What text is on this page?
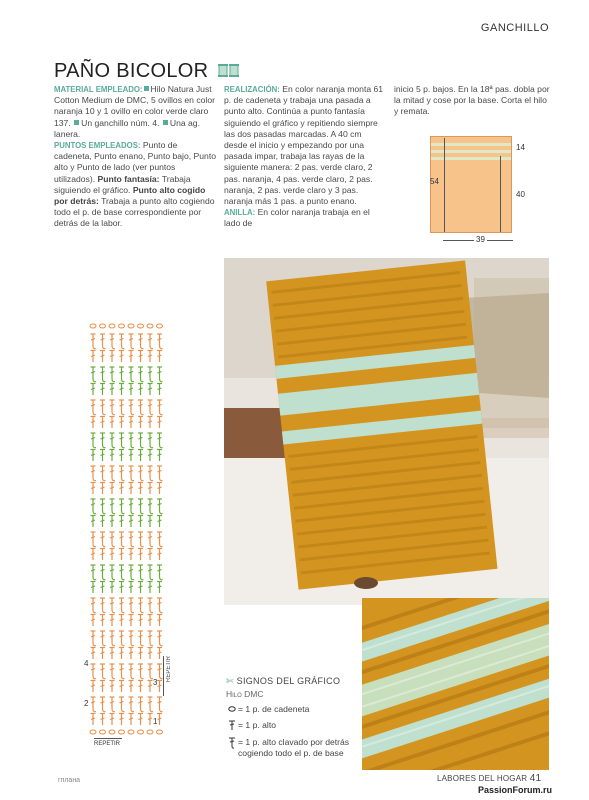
GANCHILLO
PAÑO BICOLOR
MATERIAL EMPLEADO: Hilo Natura Just Cotton Medium de DMC, 5 ovillos en color naranja 10 y 1 ovillo en color verde claro 137. Un ganchillo núm. 4. Una ag. lanera.
PUNTOS EMPLEADOS: Punto de cadeneta, Punto enano, Punto bajo, Punto alto y Punto de lado (ver puntos utilizados). Punto fantasía: Trabaja siguiendo el gráfico. Punto alto cogido por detrás: Trabaja a punto alto cogiendo todo el p. de base correspondiente por detrás de la labor.
REALIZACIÓN: En color naranja monta 61 p. de cadeneta y trabaja una pasada a punto alto. Continúa a punto fantasía siguiendo el gráfico y repitiendo siempre las dos pasadas marcadas. A 40 cm desde el inicio y empezando por una pasada impar, trabaja las rayas de la siguiente manera: 2 pas. verde claro, 2 pas. naranja, 4 pas. verde claro, 2 pas. naranja, 2 pas. verde claro y 3 pas. naranja más 1 pas. a punto enano. ANILLA: En color naranja trabaja en el lado de
inicio 5 p. bajos. En la 18ª pas. dobla por la mitad y cose por la base. Corta el hilo y remata.
54
40
14
39
4
3
2
1
REPETIR
REPETIR
✄ SIGNOS DEL GRÁFICO
Hilo DMC
= 1 p. de cadeneta
= 1 p. alto
= 1 p. alto clavado por detrás cogiendo todo el p. de base
гплана	LABORES DEL HOGAR 41
PassionForum.ru
